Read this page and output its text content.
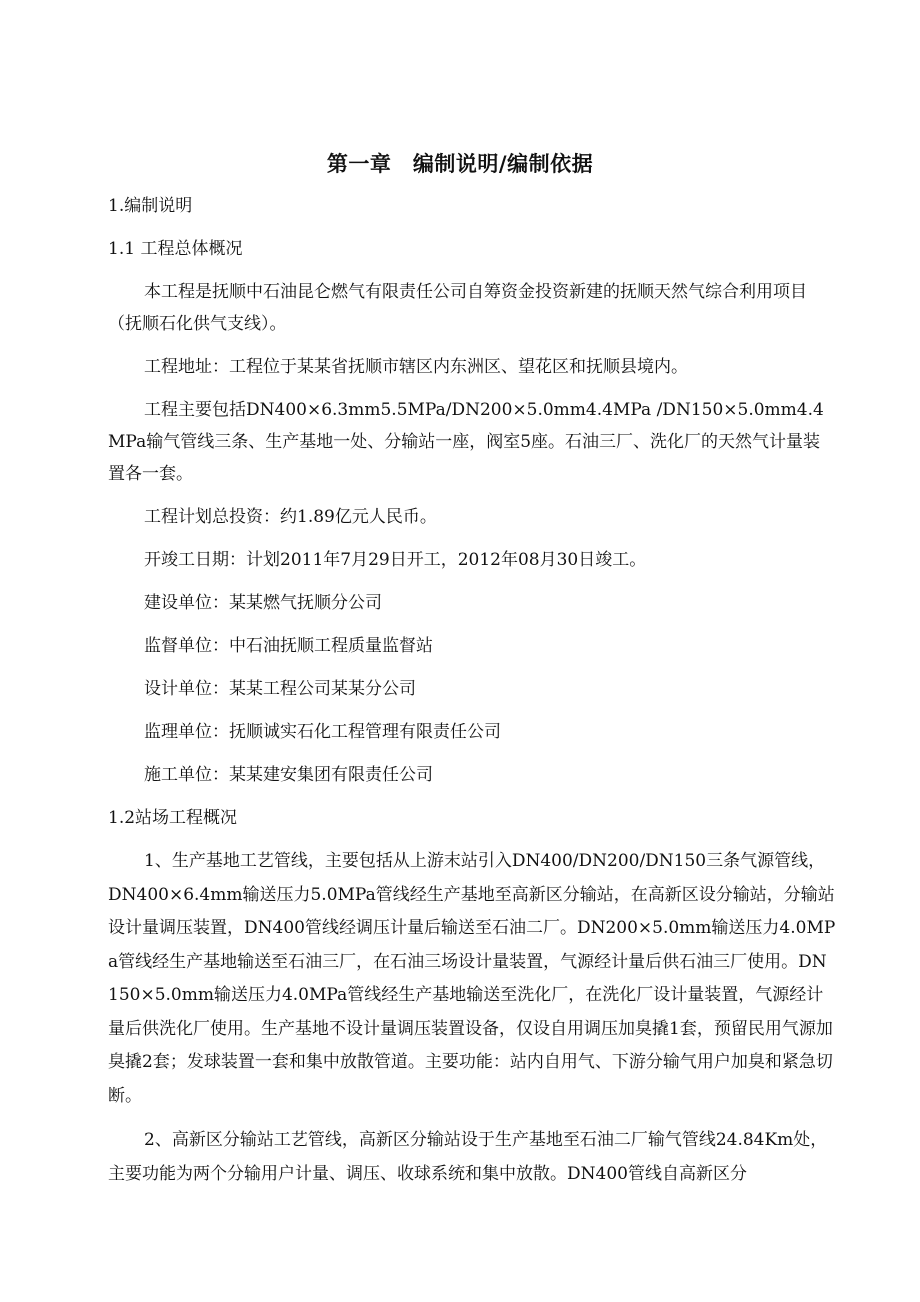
第一章　编制说明/编制依据
1.编制说明
1.1 工程总体概况
本工程是抚顺中石油昆仑燃气有限责任公司自筹资金投资新建的抚顺天然气综合利用项目（抚顺石化供气支线）。
工程地址：工程位于某某省抚顺市辖区内东洲区、望花区和抚顺县境内。
工程主要包括DN400×6.3mm5.5MPa/DN200×5.0mm4.4MPa /DN150×5.0mm4.4MPa输气管线三条、生产基地一处、分输站一座，阀室5座。石油三厂、洗化厂的天然气计量装置各一套。
工程计划总投资：约1.89亿元人民币。
开竣工日期：计划2011年7月29日开工，2012年08月30日竣工。
建设单位：某某燃气抚顺分公司
监督单位：中石油抚顺工程质量监督站
设计单位：某某工程公司某某分公司
监理单位：抚顺诚实石化工程管理有限责任公司
施工单位：某某建安集团有限责任公司
1.2站场工程概况
1、生产基地工艺管线，主要包括从上游末站引入DN400/DN200/DN150三条气源管线，DN400×6.4mm输送压力5.0MPa管线经生产基地至高新区分输站，在高新区设分输站，分输站设计量调压装置，DN400管线经调压计量后输送至石油二厂。DN200×5.0mm输送压力4.0MPa管线经生产基地输送至石油三厂，在石油三场设计量装置，气源经计量后供石油三厂使用。DN150×5.0mm输送压力4.0MPa管线经生产基地输送至洗化厂，在洗化厂设计量装置，气源经计量后供洗化厂使用。生产基地不设计量调压装置设备，仅设自用调压加臭撬1套，预留民用气源加臭撬2套；发球装置一套和集中放散管道。主要功能：站内自用气、下游分输气用户加臭和紧急切断。
2、高新区分输站工艺管线，高新区分输站设于生产基地至石油二厂输气管线24.84Km处，主要功能为两个分输用户计量、调压、收球系统和集中放散。DN400管线自高新区分
